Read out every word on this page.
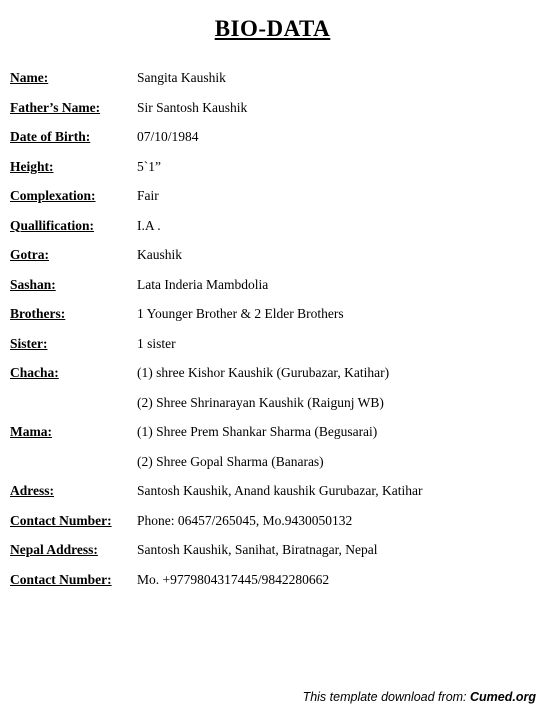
BIO-DATA
Name:	Sangita Kaushik
Father’s Name:	Sir Santosh Kaushik
Date of Birth:	07/10/1984
Height:	5`1”
Complexation:	Fair
Quallification:	I.A .
Gotra:	Kaushik
Sashan:	Lata Inderia Mambdolia
Brothers:	1 Younger Brother & 2 Elder Brothers
Sister:	1 sister
Chacha:	(1) shree Kishor Kaushik (Gurubazar, Katihar)
(2) Shree Shrinarayan Kaushik (Raigunj WB)
Mama:	(1) Shree Prem Shankar Sharma (Begusarai)
(2) Shree Gopal Sharma (Banaras)
Adress:	Santosh Kaushik, Anand kaushik Gurubazar, Katihar
Contact Number: Phone: 06457/265045, Mo.9430050132
Nepal Address:	Santosh Kaushik, Sanihat, Biratnagar, Nepal
Contact Number: Mo. +9779804317445/9842280662
This template download from: Cumed.org
